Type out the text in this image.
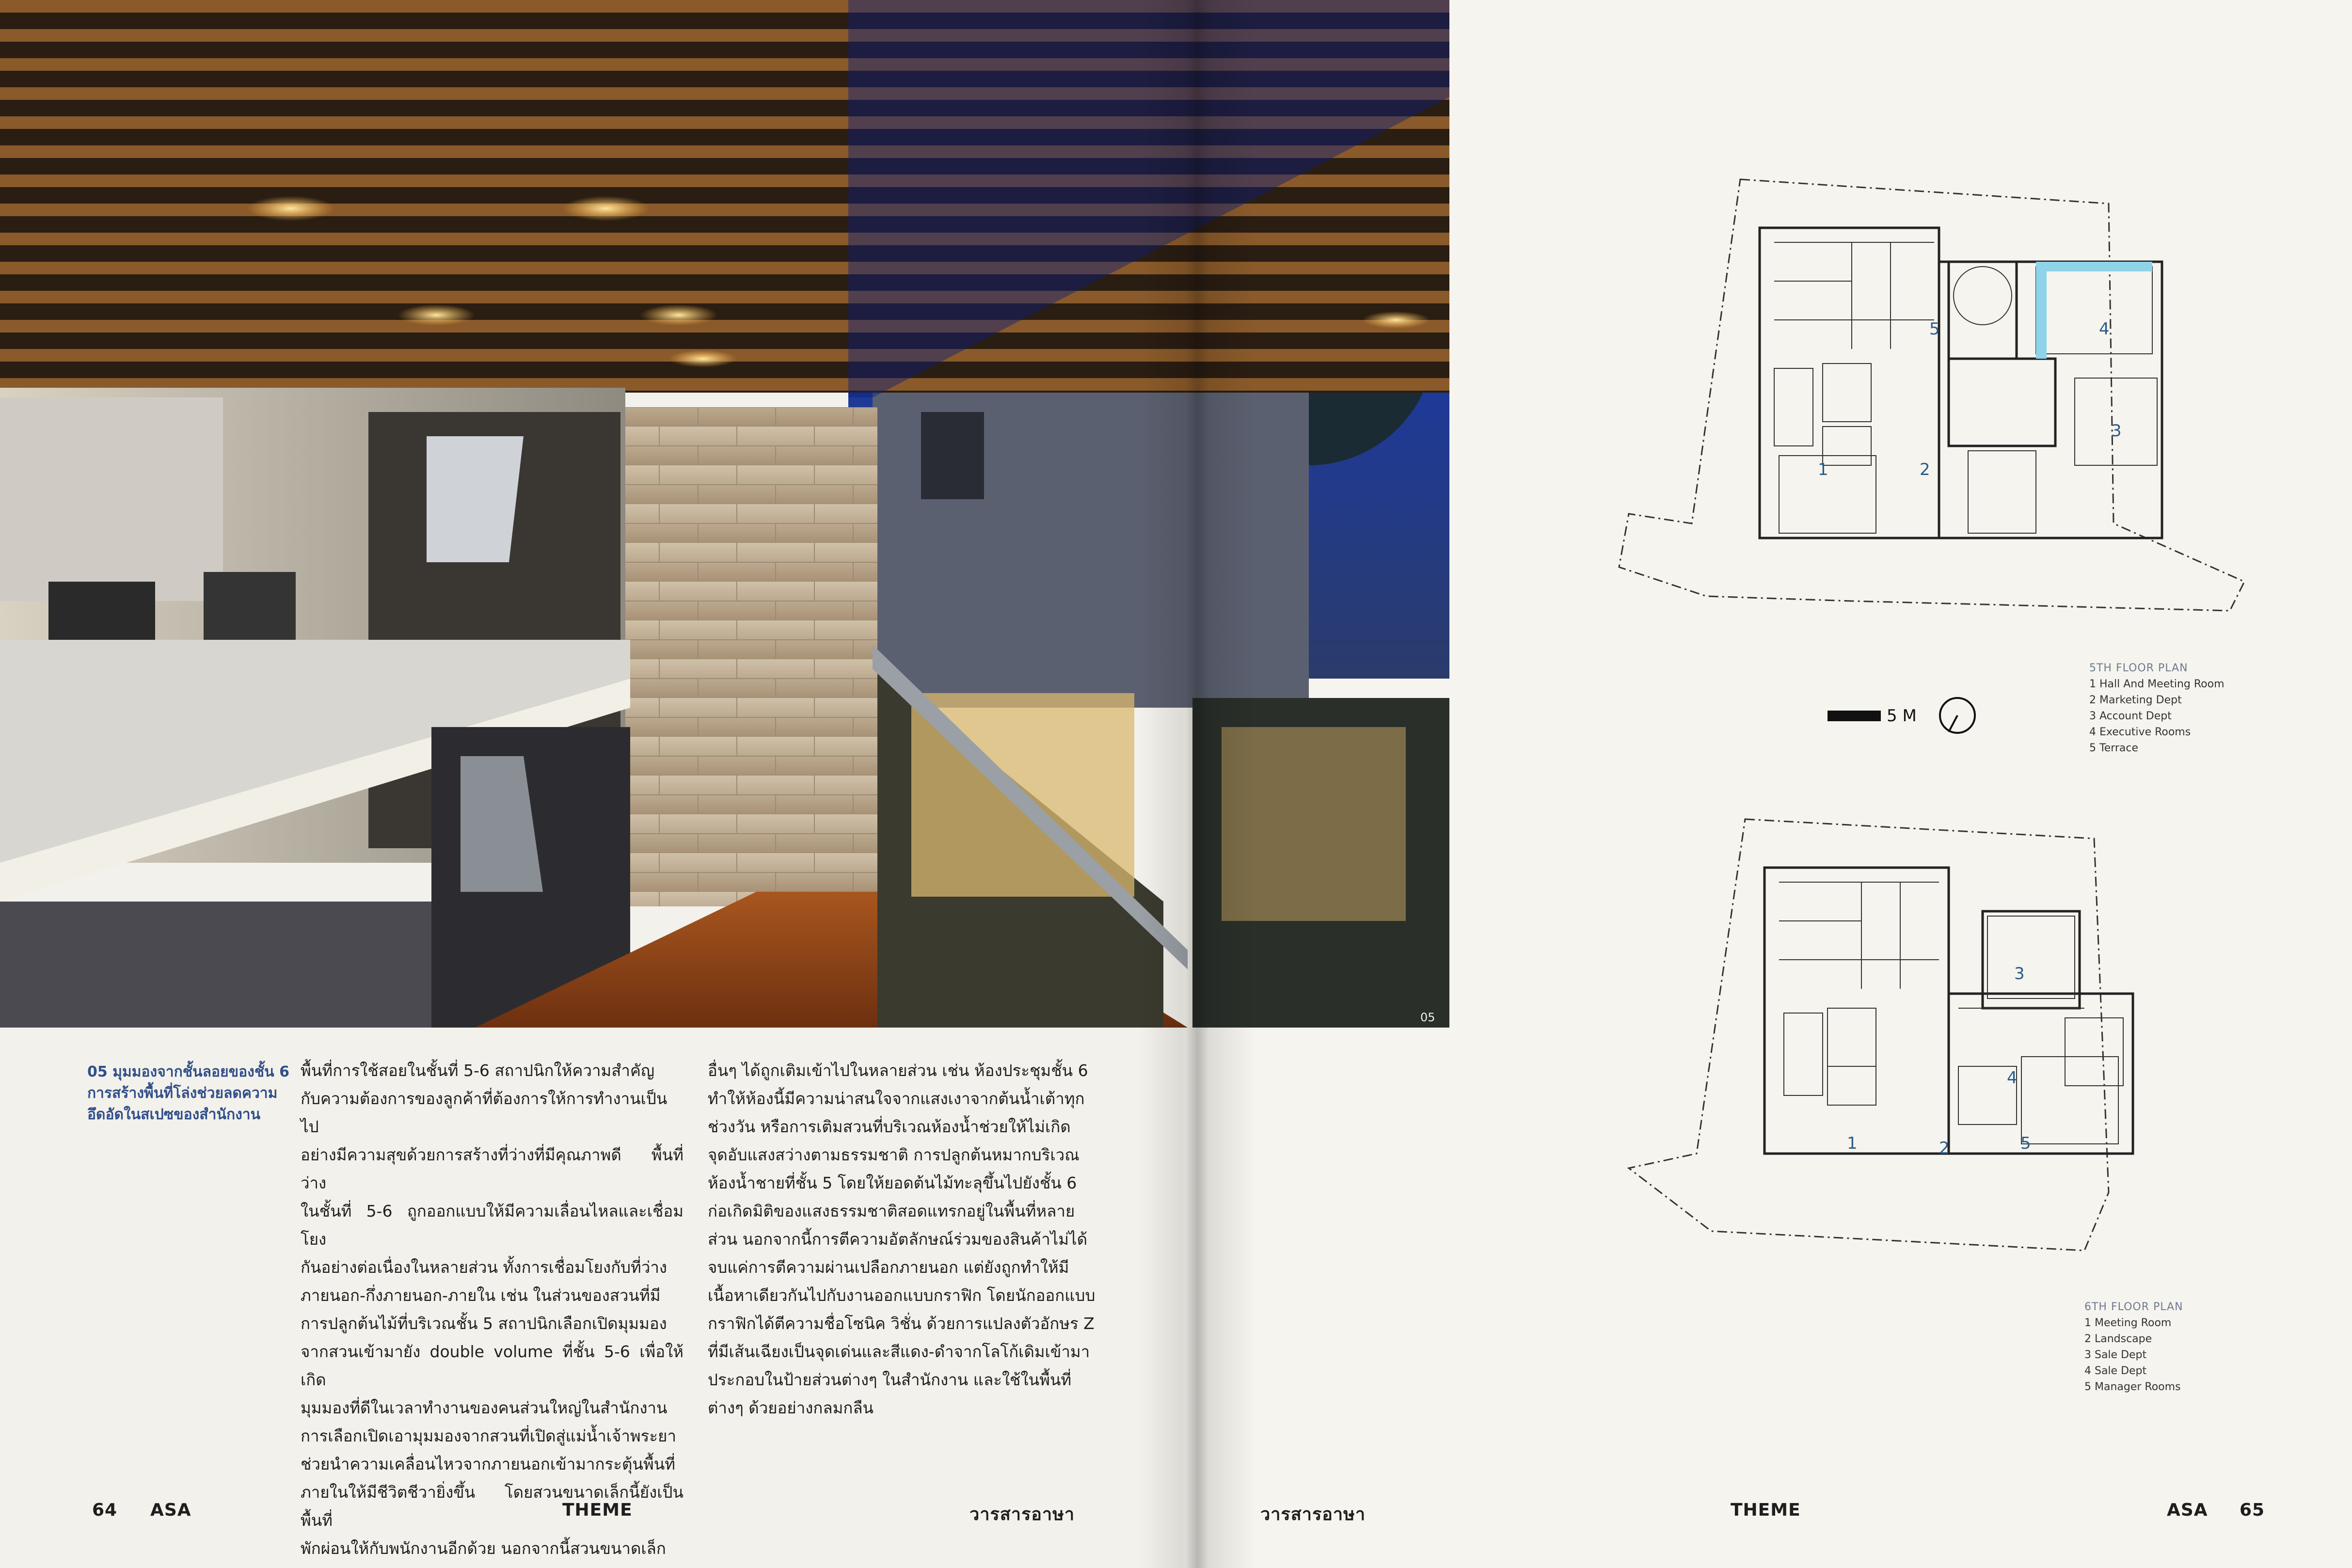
05
05 มุมมองจากชั้นลอยของชั้น 6
การสร้างพื้นที่โล่งช่วยลดความ
อึดอัดในสเปซของสำนักงาน
พื้นที่การใช้สอยในชั้นที่ 5-6 สถาปนิกให้ความสำคัญ
กับความต้องการของลูกค้าที่ต้องการให้การทำงานเป็นไป
อย่างมีความสุขด้วยการสร้างที่ว่างที่มีคุณภาพดี พื้นที่ว่าง
ในชั้นที่ 5-6 ถูกออกแบบให้มีความเลื่อนไหลและเชื่อมโยง
กันอย่างต่อเนื่องในหลายส่วน ทั้งการเชื่อมโยงกับที่ว่าง
ภายนอก-กึ่งภายนอก-ภายใน เช่น ในส่วนของสวนที่มี
การปลูกต้นไม้ที่บริเวณชั้น 5 สถาปนิกเลือกเปิดมุมมอง
จากสวนเข้ามายัง double volume ที่ชั้น 5-6 เพื่อให้เกิด
มุมมองที่ดีในเวลาทำงานของคนส่วนใหญ่ในสำนักงาน
การเลือกเปิดเอามุมมองจากสวนที่เปิดสู่แม่น้ำเจ้าพระยา
ช่วยนำความเคลื่อนไหวจากภายนอกเข้ามากระตุ้นพื้นที่
ภายในให้มีชีวิตชีวายิ่งขึ้น โดยสวนขนาดเล็กนี้ยังเป็นพื้นที่
พักผ่อนให้กับพนักงานอีกด้วย นอกจากนี้สวนขนาดเล็ก
อื่นๆ ได้ถูกเติมเข้าไปในหลายส่วน เช่น ห้องประชุมชั้น 6
ทำให้ห้องนี้มีความน่าสนใจจากแสงเงาจากต้นน้ำเต้าทุก
ช่วงวัน หรือการเติมสวนที่บริเวณห้องน้ำช่วยให้ไม่เกิด
จุดอับแสงสว่างตามธรรมชาติ การปลูกต้นหมากบริเวณ
ห้องน้ำชายที่ชั้น 5 โดยให้ยอดต้นไม้ทะลุขึ้นไปยังชั้น 6
ก่อเกิดมิติของแสงธรรมชาติสอดแทรกอยู่ในพื้นที่หลาย
ส่วน นอกจากนี้การตีความอัตลักษณ์ร่วมของสินค้าไม่ได้
จบแค่การตีความผ่านเปลือกภายนอก แต่ยังถูกทำให้มี
เนื้อหาเดียวกันไปกับงานออกแบบกราฟิก โดยนักออกแบบ
กราฟิกได้ตีความชื่อโซนิค วิชั่น ด้วยการแปลงตัวอักษร Z
ที่มีเส้นเฉียงเป็นจุดเด่นและสีแดง-ดำจากโลโก้เดิมเข้ามา
ประกอบในป้ายส่วนต่างๆ ในสำนักงาน และใช้ในพื้นที่
ต่างๆ ด้วยอย่างกลมกลืน
64 ASA	THEME	วารสารอาษา	วารสารอาษา	THEME	ASA 65
1	2
3
4
5
5TH FLOOR PLAN
1 Hall And Meeting Room
2 Marketing Dept
3 Account Dept
4 Executive Rooms
5 Terrace
5 M
1	2
3
4
5
6TH FLOOR PLAN
1 Meeting Room
2 Landscape
3 Sale Dept
4 Sale Dept
5 Manager Rooms
